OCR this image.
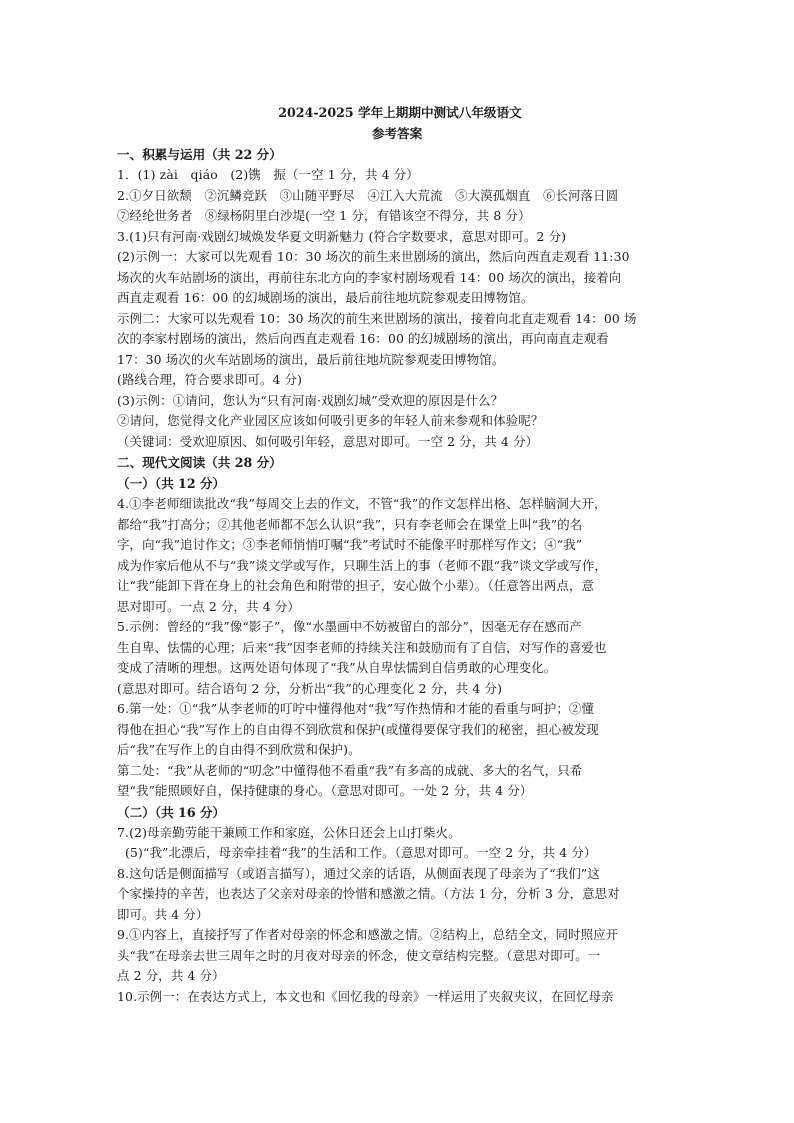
2024-2025 学年上期期中测试八年级语文
参考答案
一、积累与运用（共 22 分）
1．(1) zài　qiáo　(2)镌　振（一空 1 分，共 4 分）
2.①夕日欲颓　②沉鳞竞跃　③山随平野尽　④江入大荒流　⑤大漠孤烟直　⑥长河落日圆
⑦经纶世务者　⑧绿杨阴里白沙堤(一空 1 分，有错该空不得分，共 8 分）
3.(1)只有河南·戏剧幻城焕发华夏文明新魅力 (符合字数要求，意思对即可。2 分)
(2)示例一：大家可以先观看 10：30 场次的前生来世剧场的演出，然后向西直走观看 11:30
场次的火车站剧场的演出，再前往东北方向的李家村剧场观看 14：00 场次的演出，接着向
西直走观看 16：00 的幻城剧场的演出，最后前往地坑院参观麦田博物馆。
示例二：大家可以先观看 10：30 场次的前生来世剧场的演出，接着向北直走观看 14：00 场
次的李家村剧场的演出，然后向西直走观看 16：00 的幻城剧场的演出，再向南直走观看
17：30 场次的火车站剧场的演出，最后前往地坑院参观麦田博物馆。
(路线合理，符合要求即可。4 分)
(3)示例：①请问，您认为“只有河南·戏剧幻城”受欢迎的原因是什么？
②请问，您觉得文化产业园区应该如何吸引更多的年轻人前来参观和体验呢？
（关键词：受欢迎原因、如何吸引年轻，意思对即可。一空 2 分，共 4 分）
二、现代文阅读（共 28 分）
（一）（共 12 分）
4.①李老师细读批改“我”每周交上去的作文，不管“我”的作文怎样出格、怎样脑洞大开，
都给“我”打高分；②其他老师都不怎么认识“我”，只有李老师会在课堂上叫“我”的名
字，向“我”追讨作文；③李老师悄悄叮嘱“我”考试时不能像平时那样写作文；④“我”
成为作家后他从不与“我”谈文学或写作，只聊生活上的事（老师不跟“我”谈文学或写作，
让“我”能卸下背在身上的社会角色和附带的担子，安心做个小辈）。（任意答出两点，意
思对即可。一点 2 分，共 4 分）
5.示例：曾经的“我”像“影子”，像“水墨画中不妨被留白的部分”，因毫无存在感而产
生自卑、怯懦的心理；后来“我”因李老师的持续关注和鼓励而有了自信，对写作的喜爱也
变成了清晰的理想。这两处语句体现了“我”从自卑怯懦到自信勇敢的心理变化。
(意思对即可。结合语句 2 分，分析出“我”的心理变化 2 分，共 4 分)
6.第一处：①“我”从李老师的叮咛中懂得他对“我”写作热情和才能的看重与呵护；②懂
得他在担心“我”写作上的自由得不到欣赏和保护(或懂得要保守我们的秘密，担心被发现
后“我”在写作上的自由得不到欣赏和保护)。
第二处：“我”从老师的“叨念”中懂得他不看重“我”有多高的成就、多大的名气，只希
望“我”能照顾好自，保持健康的身心。（意思对即可。一处 2 分，共 4 分）
（二）（共 16 分）
7.(2)母亲勤劳能干兼顾工作和家庭，公休日还会上山打柴火。
(5)“我”北漂后，母亲牵挂着“我”的生活和工作。（意思对即可。一空 2 分，共 4 分）
8.这句话是侧面描写（或语言描写），通过父亲的话语，从侧面表现了母亲为了“我们”这
个家操持的辛苦，也表达了父亲对母亲的怜惜和感激之情。（方法 1 分，分析 3 分，意思对
即可。共 4 分）
9.①内容上，直接抒写了作者对母亲的怀念和感激之情。②结构上，总结全文，同时照应开
头“我”在母亲去世三周年之时的月夜对母亲的怀念，使文章结构完整。（意思对即可。一
点 2 分，共 4 分）
10.示例一：在表达方式上，本文也和《回忆我的母亲》一样运用了夹叙夹议，在回忆母亲
